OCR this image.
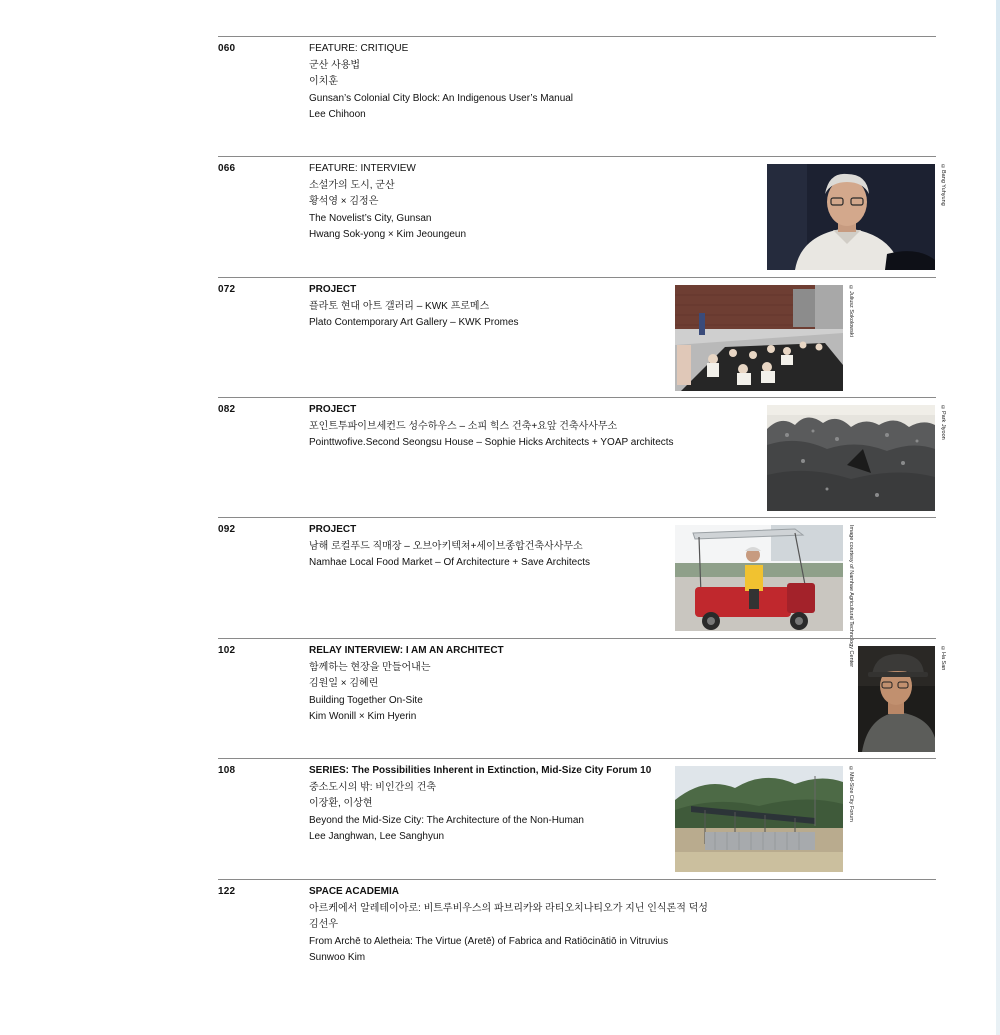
060	FEATURE: CRITIQUE
군산 사용법
이치훈
Gunsan’s Colonial City Block: An Indigenous User’s Manual
Lee Chihoon
066	FEATURE: INTERVIEW
소설가의 도시, 군산
황석영 × 김정은
The Novelist’s City, Gunsan
Hwang Sok-yong × Kim Jeoungeun
©Bang Yuhyung
072	PROJECT
플라토 현대 아트 갤러리 – KWK 프로메스
Plato Contemporary Art Gallery – KWK Promes	©Juliusz Sokolowski
082	PROJECT
포인트투파이브세컨드 성수하우스 – 소피 힉스 건축+요앞 건축사사무소
Pointtwofive.Second Seongsu House – Sophie Hicks Architects + YOAP architects
©Park Jiyoon
092	PROJECT
남해 로컬푸드 직매장 – 오브아키텍쳐+세이브종합건축사사무소
Namhae Local Food Market – Of Architecture + Save Architects	Image courtesy of Namhae Agricultural Technology Center
102	RELAY INTERVIEW: I AM AN ARCHITECT
함께하는 현장을 만들어내는
김원일 × 김혜린
Building Together On-Site
Kim Wonill × Kim Hyerin
©Ha San
108	SERIES: The Possibilities Inherent in Extinction, Mid-Size City Forum 10
중소도시의 밖: 비인간의 건축
이장환, 이상현
Beyond the Mid-Size City: The Architecture of the Non-Human
Lee Janghwan, Lee Sanghyun
©Mid-Size City Forum
122	SPACE ACADEMIA
아르케에서 알레테이아로: 비트루비우스의 파브리카와 라티오치나티오가 지닌 인식론적 덕성
김선우
From Archē to Aletheia: The Virtue (Aretē) of Fabrica and Ratiōcinātiō in Vitruvius
Sunwoo Kim
